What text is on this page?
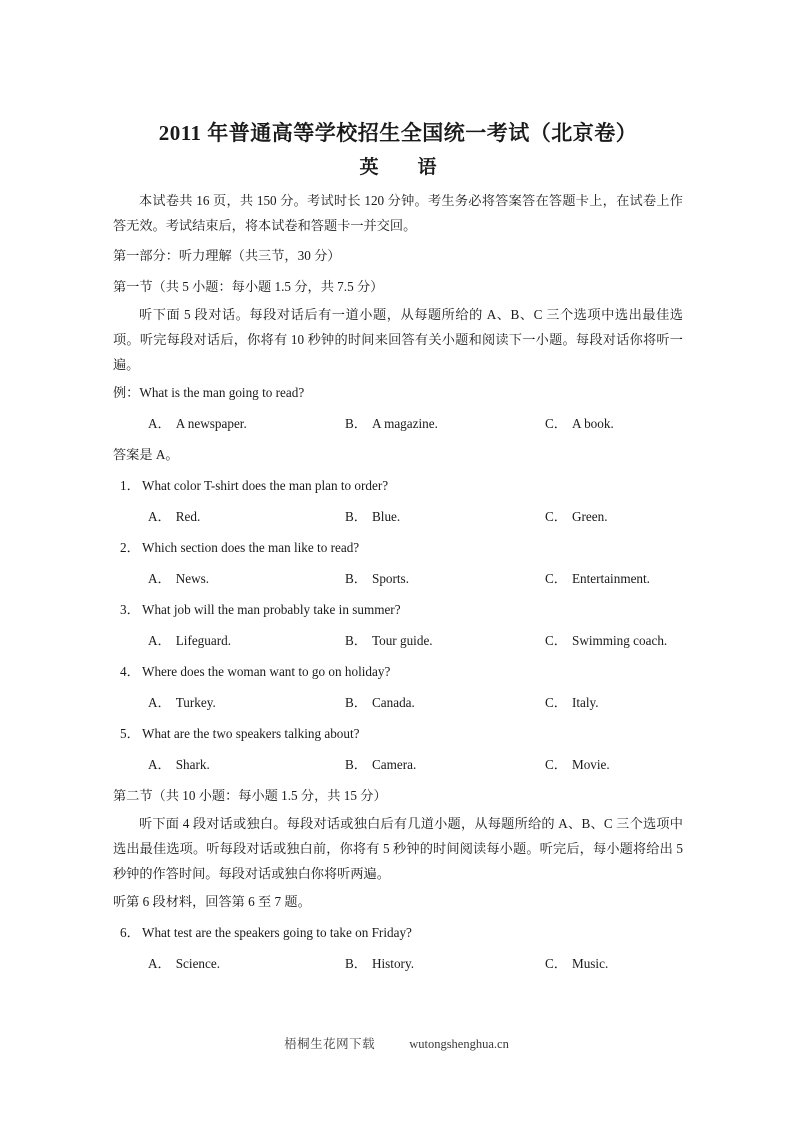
2011 年普通高等学校招生全国统一考试（北京卷）
英　语

本试卷共 16 页，共 150 分。考试时长 120 分钟。考生务必将答案答在答题卡上，在试卷上作答无效。考试结束后，将本试卷和答题卡一并交回。

第一部分：听力理解（共三节，30 分）

第一节（共 5 小题：每小题 1.5 分，共 7.5 分）

听下面 5 段对话。每段对话后有一道小题，从每题所给的 A、B、C 三个选项中选出最佳选项。听完每段对话后，你将有 10 秒钟的时间来回答有关小题和阅读下一小题。每段对话你将听一遍。

例：What is the man going to read?

A． A newspaper.	B． A magazine.	C． A book.

答案是 A。

1． What color T-shirt does the man plan to order?

A． Red.	B． Blue.	C． Green.

2． Which section does the man like to read?

A． News.	B． Sports.	C． Entertainment.

3． What job will the man probably take in summer?

A． Lifeguard.	B． Tour guide.	C． Swimming coach.

4． Where does the woman want to go on holiday?

A． Turkey.	B． Canada.	C． Italy.

5． What are the two speakers talking about?

A． Shark.	B． Camera.	C． Movie.

第二节（共 10 小题：每小题 1.5 分，共 15 分）

听下面 4 段对话或独白。每段对话或独白后有几道小题，从每题所给的 A、B、C 三个选项中选出最佳选项。听每段对话或独白前，你将有 5 秒钟的时间阅读每小题。听完后，每小题将给出 5 秒钟的作答时间。每段对话或独白你将听两遍。

听第 6 段材料，回答第 6 至 7 题。

6． What test are the speakers going to take on Friday?

A． Science.	B． History.	C． Music.
梧桐生花网下载	wutongshenghua.cn
